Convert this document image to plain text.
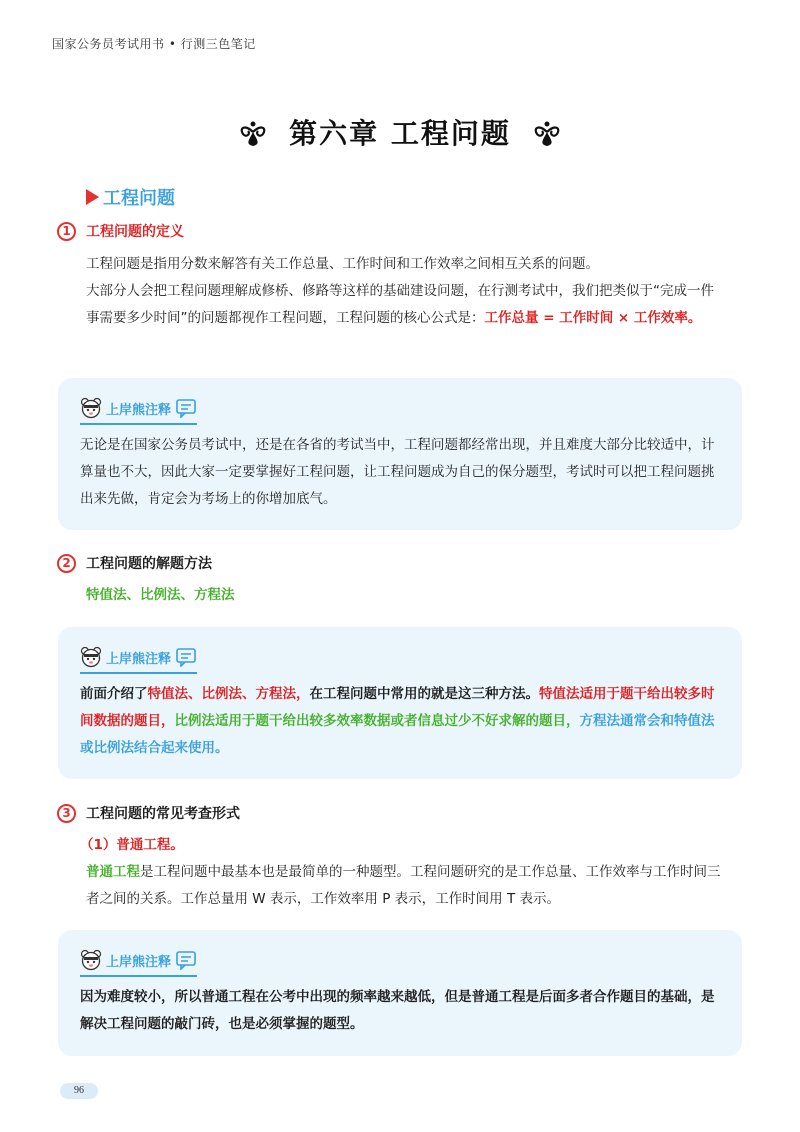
国家公务员考试用书 • 行测三色笔记
第六章 工程问题
工程问题
1	工程问题的定义
工程问题是指用分数来解答有关工作总量、工作时间和工作效率之间相互关系的问题。
大部分人会把工程问题理解成修桥、修路等这样的基础建设问题，在行测考试中，我们把类似于“完成一件事需要多少时间”的问题都视作工程问题，工程问题的核心公式是：工作总量 = 工作时间 × 工作效率。
上岸熊注释
无论是在国家公务员考试中，还是在各省的考试当中，工程问题都经常出现，并且难度大部分比较适中，计算量也不大，因此大家一定要掌握好工程问题，让工程问题成为自己的保分题型，考试时可以把工程问题挑出来先做，肯定会为考场上的你增加底气。
2	工程问题的解题方法
特值法、比例法、方程法
上岸熊注释
前面介绍了特值法、比例法、方程法，在工程问题中常用的就是这三种方法。特值法适用于题干给出较多时间数据的题目，比例法适用于题干给出较多效率数据或者信息过少不好求解的题目，方程法通常会和特值法或比例法结合起来使用。
3	工程问题的常见考查形式
（1）普通工程。
普通工程是工程问题中最基本也是最简单的一种题型。工程问题研究的是工作总量、工作效率与工作时间三者之间的关系。工作总量用 W 表示，工作效率用 P 表示，工作时间用 T 表示。
上岸熊注释
因为难度较小，所以普通工程在公考中出现的频率越来越低，但是普通工程是后面多者合作题目的基础，是解决工程问题的敲门砖，也是必须掌握的题型。
96
